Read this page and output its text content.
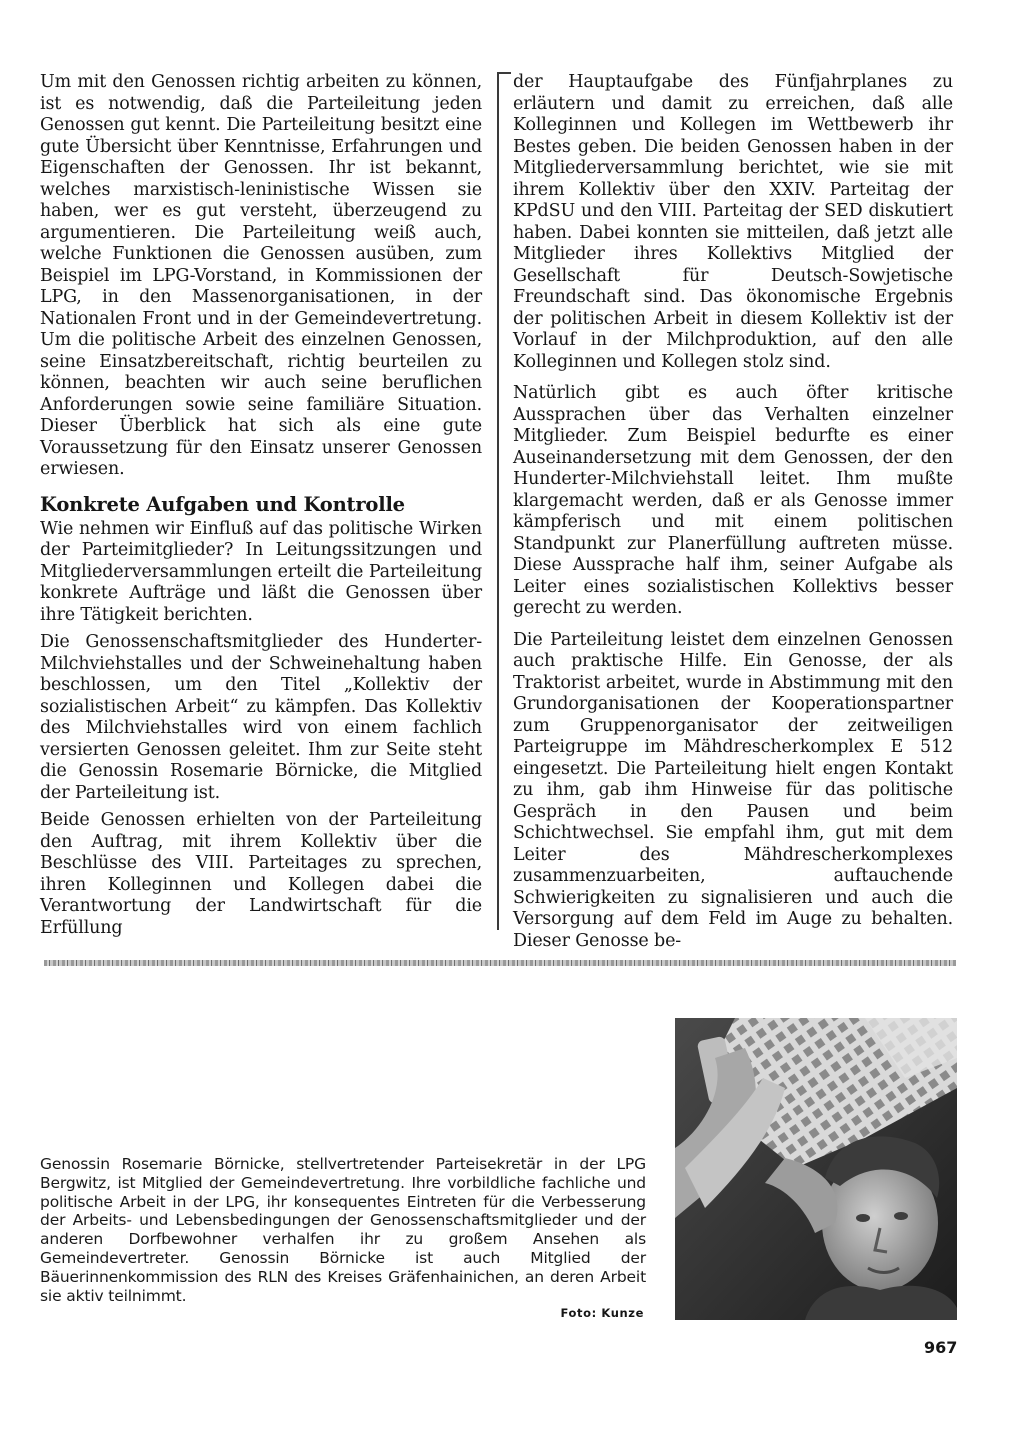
Um mit den Genossen richtig arbeiten zu können, ist es notwendig, daß die Parteileitung jeden Genossen gut kennt. Die Parteileitung besitzt eine gute Übersicht über Kenntnisse, Erfahrungen und Eigenschaften der Genossen. Ihr ist bekannt, welches marxistisch-leninistische Wissen sie haben, wer es gut versteht, überzeugend zu argumentieren. Die Parteileitung weiß auch, welche Funktionen die Genossen ausüben, zum Beispiel im LPG-Vorstand, in Kommissionen der LPG, in den Massenorganisationen, in der Nationalen Front und in der Gemeindevertretung. Um die politische Arbeit des einzelnen Genossen, seine Einsatzbereitschaft, richtig beurteilen zu können, beachten wir auch seine beruflichen Anforderungen sowie seine familiäre Situation. Dieser Überblick hat sich als eine gute Voraussetzung für den Einsatz unserer Genossen erwiesen.

Konkrete Aufgaben und Kontrolle

Wie nehmen wir Einfluß auf das politische Wirken der Parteimitglieder? In Leitungssitzungen und Mitgliederversammlungen erteilt die Parteileitung konkrete Aufträge und läßt die Genossen über ihre Tätigkeit berichten.

Die Genossenschaftsmitglieder des Hunderter-Milchviehstalles und der Schweinehaltung haben beschlossen, um den Titel „Kollektiv der sozialistischen Arbeit“ zu kämpfen. Das Kollektiv des Milchviehstalles wird von einem fachlich versierten Genossen geleitet. Ihm zur Seite steht die Genossin Rosemarie Börnicke, die Mitglied der Parteileitung ist.

Beide Genossen erhielten von der Parteileitung den Auftrag, mit ihrem Kollektiv über die Beschlüsse des VIII. Parteitages zu sprechen, ihren Kolleginnen und Kollegen dabei die Verantwortung der Landwirtschaft für die Erfüllung

der Hauptaufgabe des Fünfjahrplanes zu erläutern und damit zu erreichen, daß alle Kolleginnen und Kollegen im Wettbewerb ihr Bestes geben. Die beiden Genossen haben in der Mitgliederversammlung berichtet, wie sie mit ihrem Kollektiv über den XXIV. Parteitag der KPdSU und den VIII. Parteitag der SED diskutiert haben. Dabei konnten sie mitteilen, daß jetzt alle Mitglieder ihres Kollektivs Mitglied der Gesellschaft für Deutsch-Sowjetische Freundschaft sind. Das ökonomische Ergebnis der politischen Arbeit in diesem Kollektiv ist der Vorlauf in der Milchproduktion, auf den alle Kolleginnen und Kollegen stolz sind.

Natürlich gibt es auch öfter kritische Aussprachen über das Verhalten einzelner Mitglieder. Zum Beispiel bedurfte es einer Auseinandersetzung mit dem Genossen, der den Hunderter-Milchviehstall leitet. Ihm mußte klargemacht werden, daß er als Genosse immer kämpferisch und mit einem politischen Standpunkt zur Planerfüllung auftreten müsse. Diese Aussprache half ihm, seiner Aufgabe als Leiter eines sozialistischen Kollektivs besser gerecht zu werden.

Die Parteileitung leistet dem einzelnen Genossen auch praktische Hilfe. Ein Genosse, der als Traktorist arbeitet, wurde in Abstimmung mit den Grundorganisationen der Kooperationspartner zum Gruppenorganisator der zeitweiligen Parteigruppe im Mähdrescherkomplex E 512 eingesetzt. Die Parteileitung hielt engen Kontakt zu ihm, gab ihm Hinweise für das politische Gespräch in den Pausen und beim Schichtwechsel. Sie empfahl ihm, gut mit dem Leiter des Mähdrescherkomplexes zusammenzuarbeiten, auftauchende Schwierigkeiten zu signalisieren und auch die Versorgung auf dem Feld im Auge zu behalten. Dieser Genosse be-

Genossin Rosemarie Börnicke, stellvertretender Parteisekretär in der LPG Bergwitz, ist Mitglied der Gemeindevertretung. Ihre vorbildliche fachliche und politische Arbeit in der LPG, ihr konsequentes Eintreten für die Verbesserung der Arbeits- und Lebensbedingungen der Genossenschaftsmitglieder und der anderen Dorfbewohner verhalfen ihr zu großem Ansehen als Gemeindevertreter. Genossin Börnicke ist auch Mitglied der Bäuerinnenkommission des RLN des Kreises Gräfenhainichen, an deren Arbeit sie aktiv teilnimmt.
Foto: Kunze
967
